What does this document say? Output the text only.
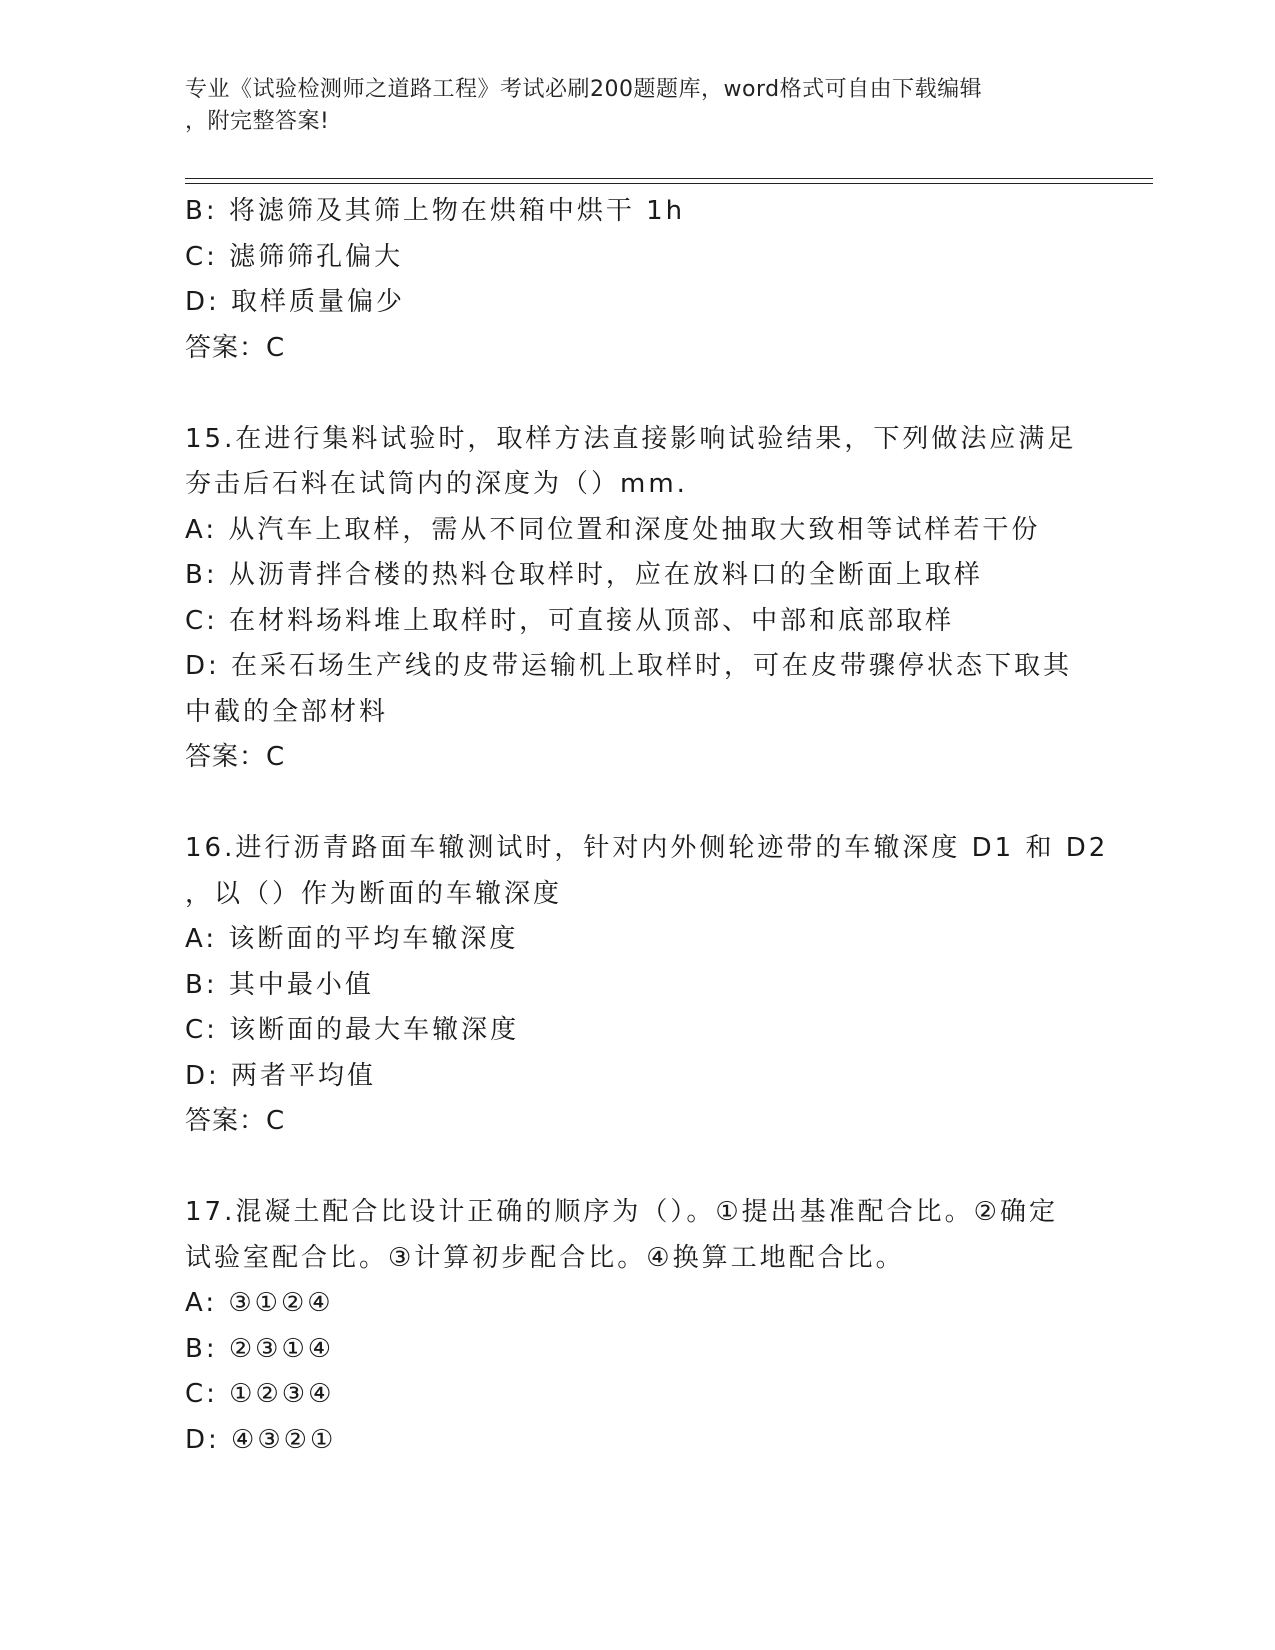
专业《试验检测师之道路工程》考试必刷200题题库，word格式可自由下载编辑
，附完整答案!
B: 将滤筛及其筛上物在烘箱中烘干 1h
C: 滤筛筛孔偏大
D: 取样质量偏少
答案：C
15.在进行集料试验时，取样方法直接影响试验结果，下列做法应满足
夯击后石料在试筒内的深度为（）mm.
A: 从汽车上取样，需从不同位置和深度处抽取大致相等试样若干份
B: 从沥青拌合楼的热料仓取样时，应在放料口的全断面上取样
C: 在材料场料堆上取样时，可直接从顶部、中部和底部取样
D: 在采石场生产线的皮带运输机上取样时，可在皮带骤停状态下取其
中截的全部材料
答案：C
16.进行沥青路面车辙测试时，针对内外侧轮迹带的车辙深度 D1 和 D2
，以（）作为断面的车辙深度
A: 该断面的平均车辙深度
B: 其中最小值
C: 该断面的最大车辙深度
D: 两者平均值
答案：C
17.混凝土配合比设计正确的顺序为（）。①提出基准配合比。②确定
试验室配合比。③计算初步配合比。④换算工地配合比。
A: ③①②④
B: ②③①④
C: ①②③④
D: ④③②①
